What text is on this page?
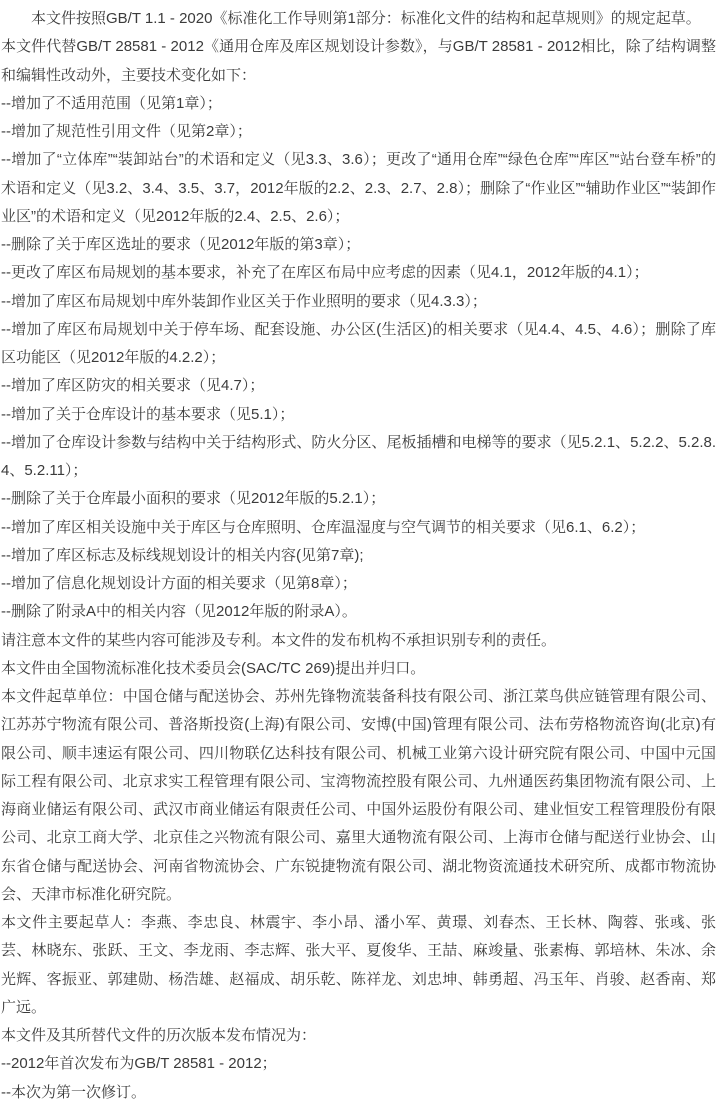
本文件按照GB/T 1.1 - 2020《标准化工作导则第1部分：标准化文件的结构和起草规则》的规定起草。

本文件代替GB/T 28581 - 2012《通用仓库及库区规划设计参数》，与GB/T 28581 - 2012相比，除了结构调整和编辑性改动外，主要技术变化如下：

--增加了不适用范围（见第1章）；

--增加了规范性引用文件（见第2章）；

--增加了“立体库”“装卸站台”的术语和定义（见3.3、3.6）；更改了“通用仓库”“绿色仓库”“库区”“站台登车桥”的术语和定义（见3.2、3.4、3.5、3.7，2012年版的2.2、2.3、2.7、2.8）；删除了“作业区”“辅助作业区”“装卸作业区”的术语和定义（见2012年版的2.4、2.5、2.6）；

--删除了关于库区选址的要求（见2012年版的第3章）；

--更改了库区布局规划的基本要求，补充了在库区布局中应考虑的因素（见4.1，2012年版的4.1）；

--增加了库区布局规划中库外装卸作业区关于作业照明的要求（见4.3.3）；

--增加了库区布局规划中关于停车场、配套设施、办公区(生活区)的相关要求（见4.4、4.5、4.6）；删除了库区功能区（见2012年版的4.2.2）；

--增加了库区防灾的相关要求（见4.7）；

--增加了关于仓库设计的基本要求（见5.1）；

--增加了仓库设计参数与结构中关于结构形式、防火分区、尾板插槽和电梯等的要求（见5.2.1、5.2.2、5.2.8.4、5.2.11）；

--删除了关于仓库最小面积的要求（见2012年版的5.2.1）；

--增加了库区相关设施中关于库区与仓库照明、仓库温湿度与空气调节的相关要求（见6.1、6.2）；

--增加了库区标志及标线规划设计的相关内容(见第7章);

--增加了信息化规划设计方面的相关要求（见第8章）；

--删除了附录A中的相关内容（见2012年版的附录A）。

请注意本文件的某些内容可能涉及专利。本文件的发布机构不承担识别专利的责任。

本文件由全国物流标准化技术委员会(SAC/TC 269)提出并归口。

本文件起草单位：中国仓储与配送协会、苏州先锋物流装备科技有限公司、浙江菜鸟供应链管理有限公司、江苏苏宁物流有限公司、普洛斯投资(上海)有限公司、安博(中国)管理有限公司、法布劳格物流咨询(北京)有限公司、顺丰速运有限公司、四川物联亿达科技有限公司、机械工业第六设计研究院有限公司、中国中元国际工程有限公司、北京求实工程管理有限公司、宝湾物流控股有限公司、九州通医药集团物流有限公司、上海商业储运有限公司、武汉市商业储运有限责任公司、中国外运股份有限公司、建业恒安工程管理股份有限公司、北京工商大学、北京佳之兴物流有限公司、嘉里大通物流有限公司、上海市仓储与配送行业协会、山东省仓储与配送协会、河南省物流协会、广东锐捷物流有限公司、湖北物资流通技术研究所、成都市物流协会、天津市标准化研究院。

本文件主要起草人：李燕、李忠良、林震宇、李小昂、潘小军、黄璟、刘春杰、王长林、陶蓉、张彧、张芸、林晓东、张跃、王文、李龙雨、李志辉、张大平、夏俊华、王喆、麻竣量、张素梅、郭培林、朱冰、余光辉、客振亚、郭建勋、杨浩雄、赵福成、胡乐乾、陈祥龙、刘忠坤、韩勇超、冯玉年、肖骏、赵香南、郑广远。

本文件及其所替代文件的历次版本发布情况为：

--2012年首次发布为GB/T 28581 - 2012；

--本次为第一次修订。
